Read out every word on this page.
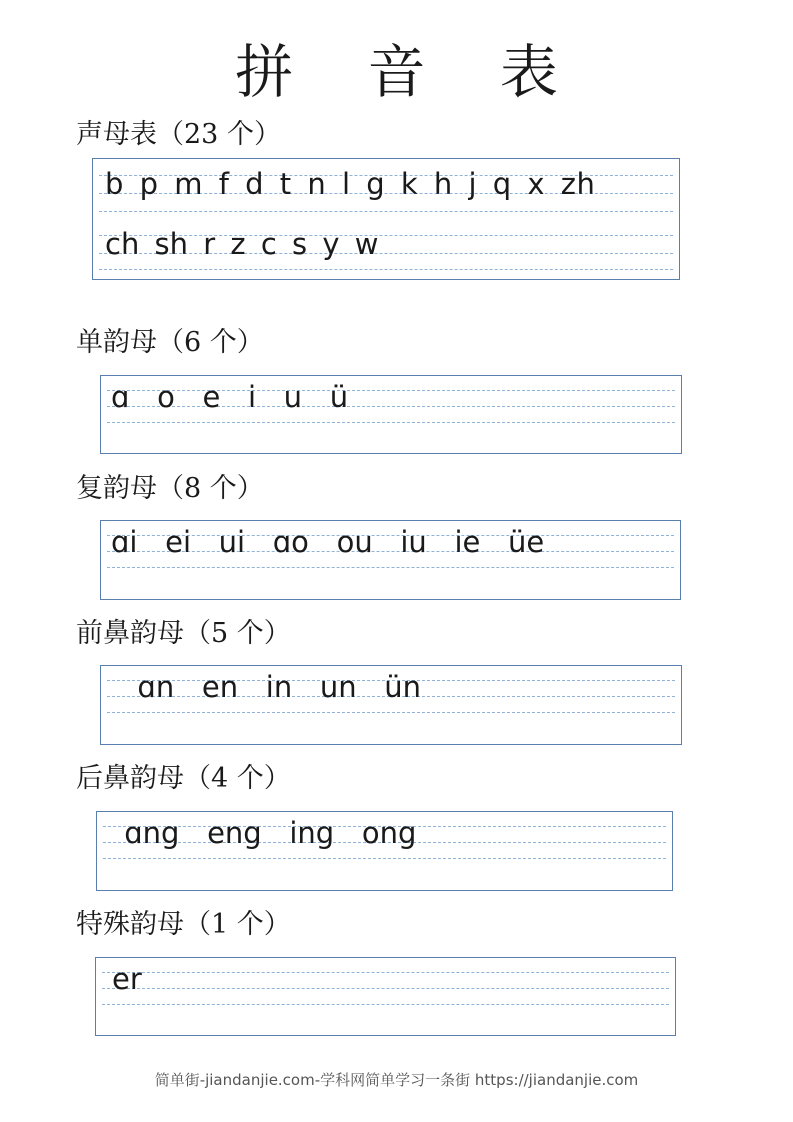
拼 音 表
声母表（23 个）
b p m f d t n l g k h j q x zh
ch sh r z c s y w
单韵母（6 个）
ɑ   o   e   i   u   ü
复韵母（8 个）
ɑi   ei   ui   ɑo   ou   iu   ie   üe
前鼻韵母（5 个）
ɑn   en   in   un   ün
后鼻韵母（4 个）
ɑng   eng   ing   ong
特殊韵母（1 个）
er
简单街-jiandanjie.com-学科网简单学习一条街 https://jiandanjie.com
